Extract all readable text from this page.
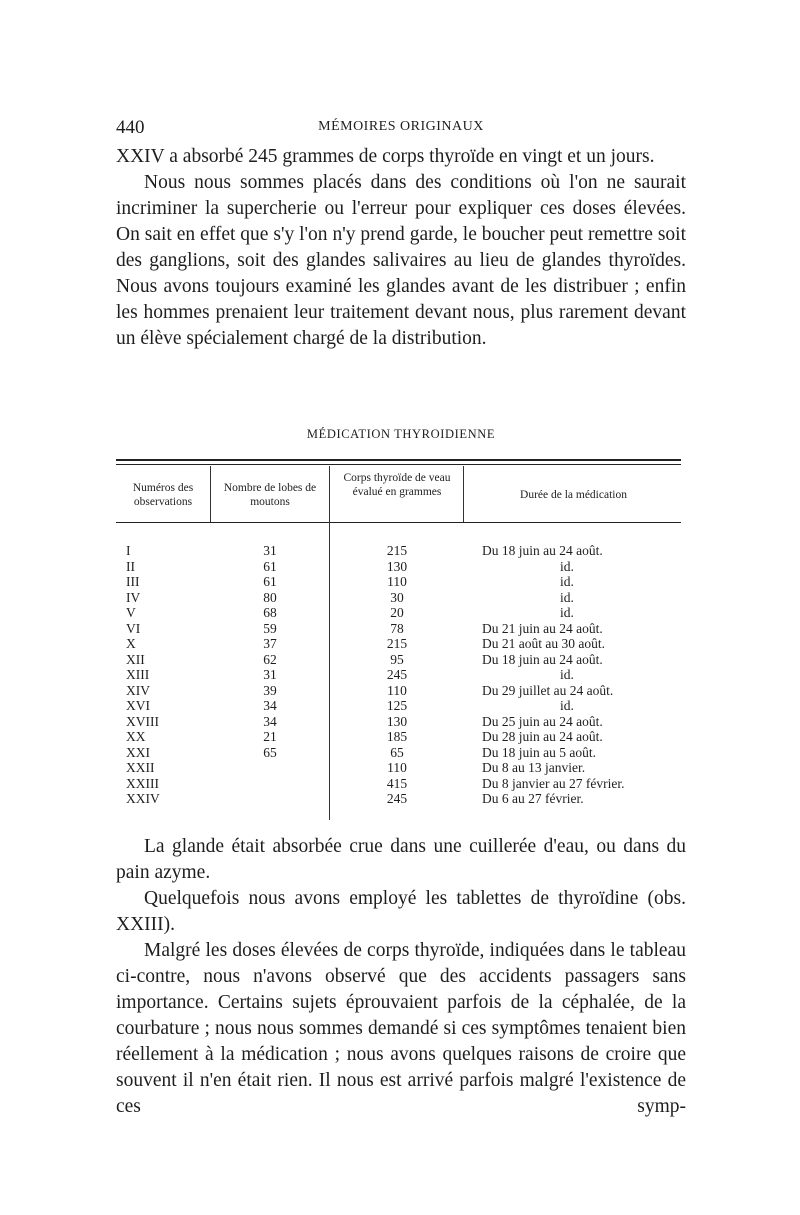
440	MÉMOIRES ORIGINAUX

XXIV a absorbé 245 grammes de corps thyroïde en vingt et un jours.

Nous nous sommes placés dans des conditions où l'on ne saurait incriminer la supercherie ou l'erreur pour expliquer ces doses élevées. On sait en effet que s'y l'on n'y prend garde, le boucher peut remettre soit des ganglions, soit des glandes salivaires au lieu de glandes thyroïdes. Nous avons toujours examiné les glandes avant de les distribuer ; enfin les hommes prenaient leur traitement devant nous, plus rarement devant un élève spécialement chargé de la distribution.

MÉDICATION THYROIDIENNE
Numéros des observations
Nombre de lobes de moutons
Corps thyroïde de veau évalué en grammes	Durée de la médication
I
II
III
IV
V
VI
X
XII
XIII
XIV
XVI
XVIII
XX
XXI
XXII
XXIII
XXIV
31
61
61
80
68
59
37
62
31
39
34
34
21
65
215
130
110
30
20
78
215
95
245
110
125
130
185
65
110
415
245
Du 18 juin au 24 août.
id.
id.
id.
id.
Du 21 juin au 24 août.
Du 21 août au 30 août.
Du 18 juin au 24 août.
id.
Du 29 juillet au 24 août.
id.
Du 25 juin au 24 août.
Du 28 juin au 24 août.
Du 18 juin au 5 août.
Du 8 au 13 janvier.
Du 8 janvier au 27 février.
Du 6 au 27 février.

La glande était absorbée crue dans une cuillerée d'eau, ou dans du pain azyme.

Quelquefois nous avons employé les tablettes de thyroïdine (obs. XXIII).

Malgré les doses élevées de corps thyroïde, indiquées dans le tableau ci-contre, nous n'avons observé que des accidents passagers sans importance. Certains sujets éprouvaient parfois de la céphalée, de la courbature ; nous nous sommes demandé si ces symptômes tenaient bien réellement à la médication ; nous avons quelques raisons de croire que souvent il n'en était rien. Il nous est arrivé parfois malgré l'existence de ces symp-
